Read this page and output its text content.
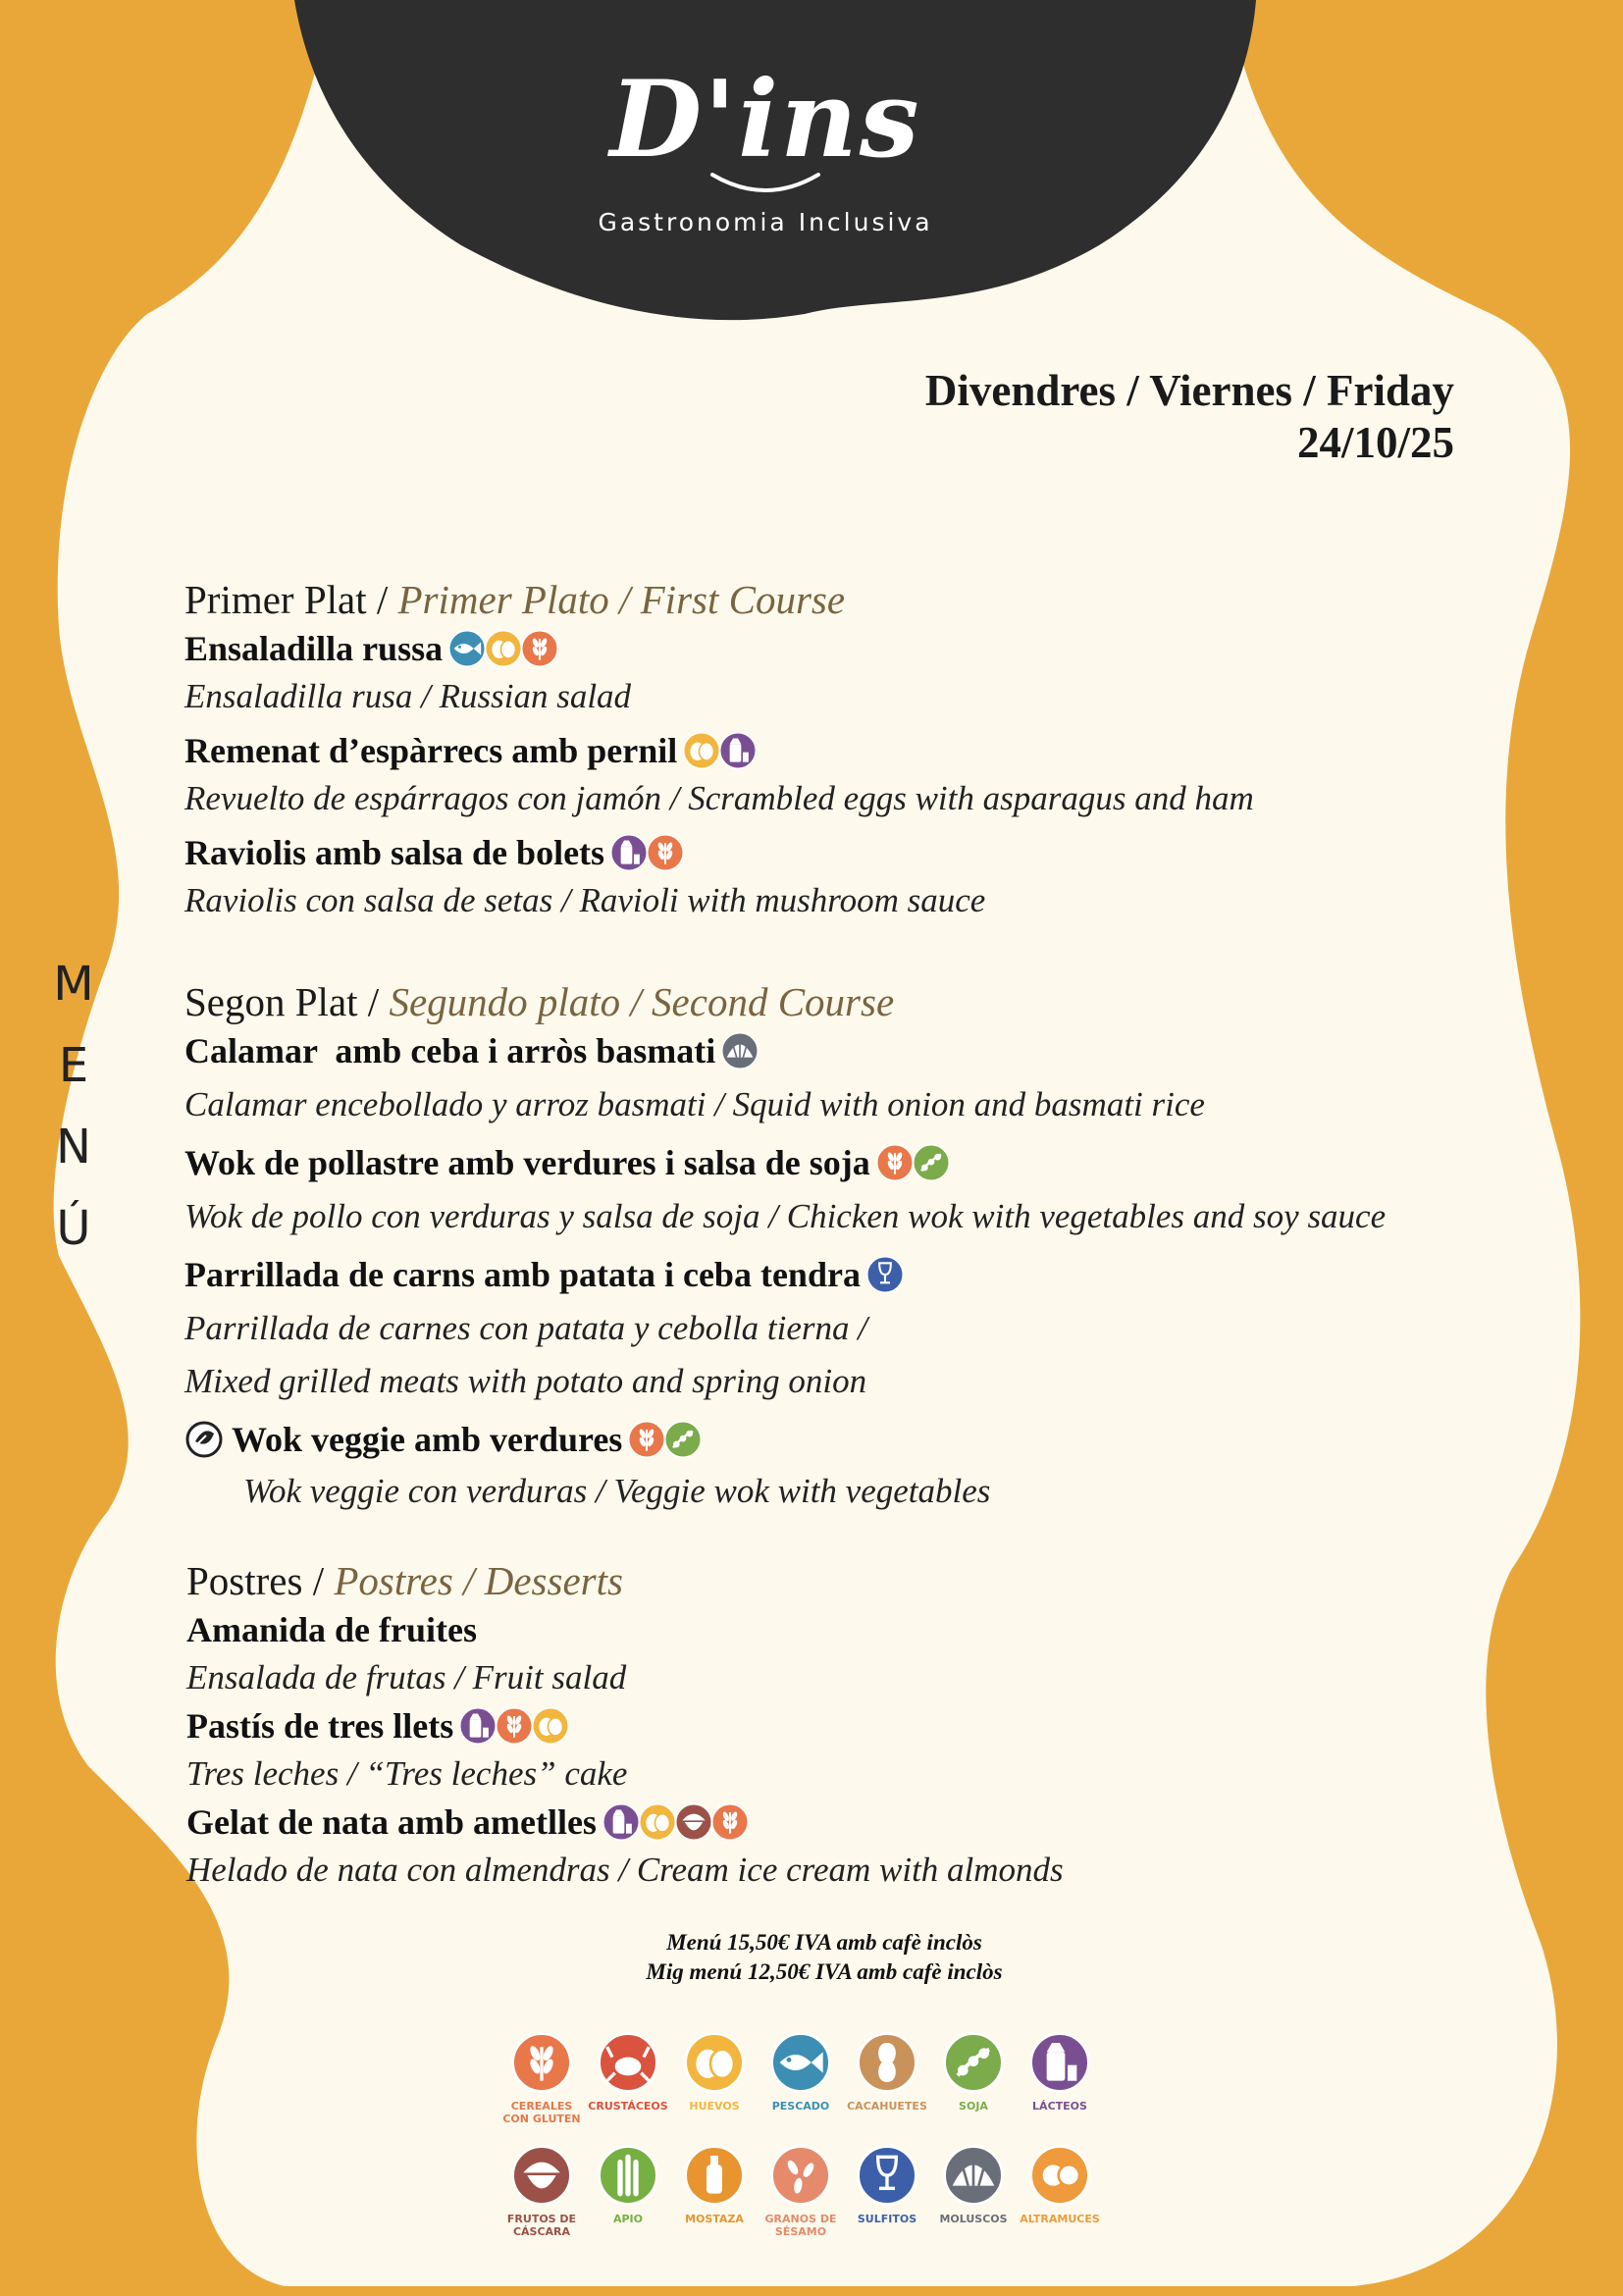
D'ins
Gastronomia Inclusiva
Divendres / Viernes / Friday
24/10/25
M
E
N
Ú
Primer Plat / Primer Plato / First Course
Ensaladilla russa
Ensaladilla rusa / Russian salad
Remenat d’espàrrecs amb pernil
Revuelto de espárragos con jamón / Scrambled eggs with asparagus and ham
Raviolis amb salsa de bolets
Raviolis con salsa de setas / Ravioli with mushroom sauce
Segon Plat / Segundo plato / Second Course
Calamar  amb ceba i arròs basmati
Calamar encebollado y arroz basmati / Squid with onion and basmati rice
Wok de pollastre amb verdures i salsa de soja
Wok de pollo con verduras y salsa de soja / Chicken wok with vegetables and soy sauce
Parrillada de carns amb patata i ceba tendra
Parrillada de carnes con patata y cebolla tierna /
Mixed grilled meats with potato and spring onion
Wok veggie amb verdures
Wok veggie con verduras / Veggie wok with vegetables
Postres / Postres / Desserts
Amanida de fruites
Ensalada de frutas / Fruit salad
Pastís de tres llets
Tres leches / “Tres leches” cake
Gelat de nata amb ametlles
Helado de nata con almendras / Cream ice cream with almonds
Menú 15,50€ IVA amb cafè inclòs
Mig menú 12,50€ IVA amb cafè inclòs
CEREALES CON GLUTEN
CRUSTÁCEOS	HUEVOS	PESCADO	CACAHUETES	SOJA	LÁCTEOS
FRUTOS DE CÁSCARA
APIO	MOSTAZA	GRANOS DE SÉSAMO
SULFITOS	MOLUSCOS	ALTRAMUCES
